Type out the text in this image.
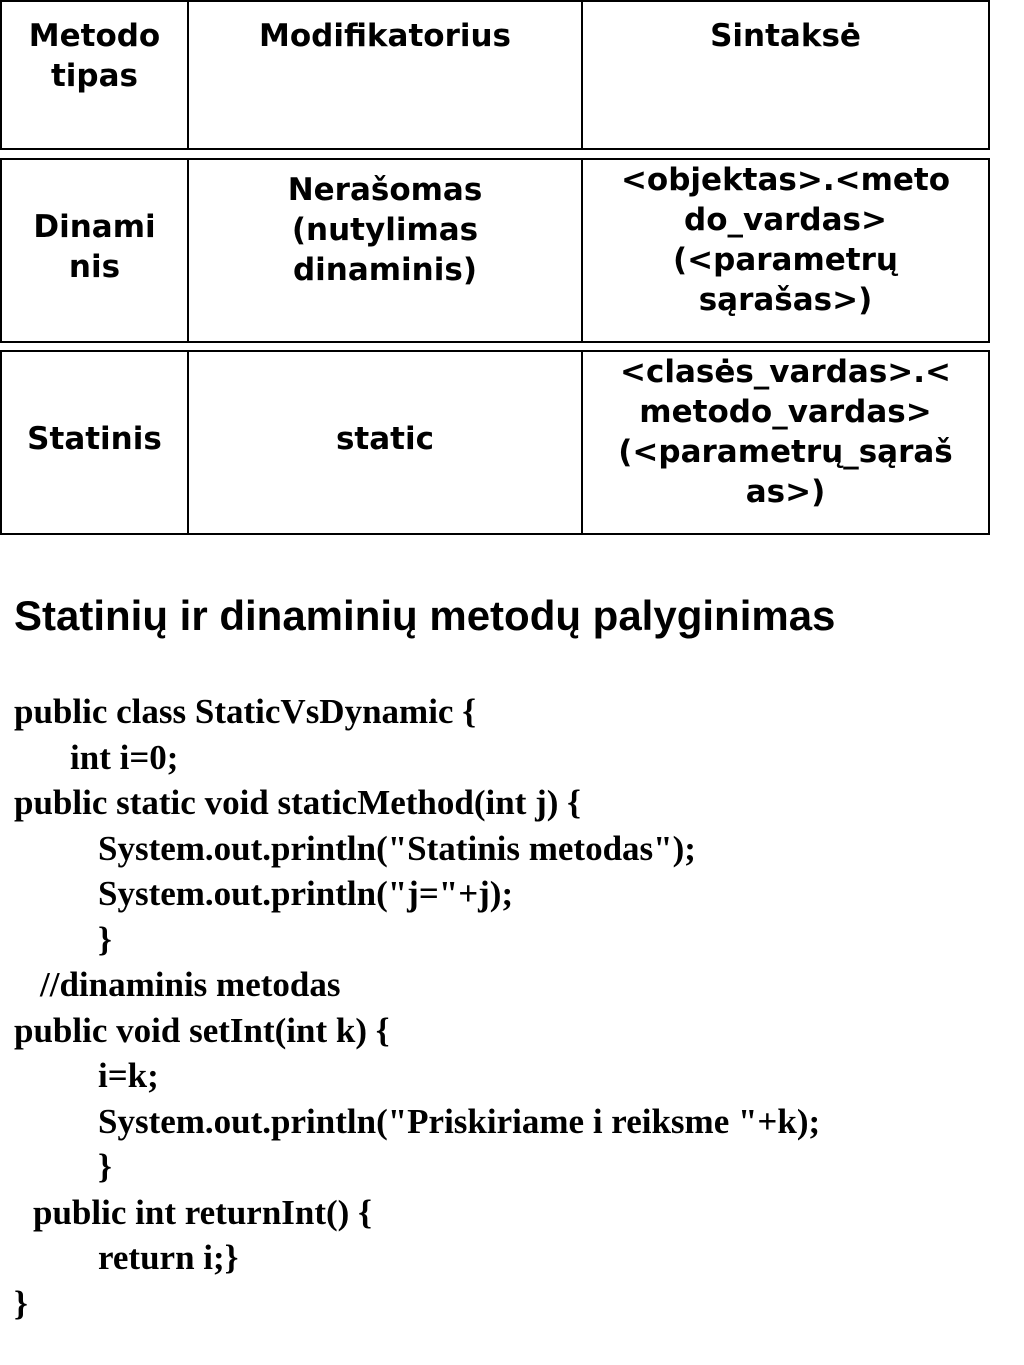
Metodo
tipas
Modifikatorius	Sintaksė
Dinami
nis
Nerašomas
(nutylimas
dinaminis)
<objektas>.<meto
do_vardas>
(<parametrų
sąrašas>)
Statinis	static
<clasės_vardas>.<
metodo_vardas>
(<parametrų_sąraš
as>)
Statinių ir dinaminių metodų palyginimas
public class StaticVsDynamic {
int i=0;
public static void staticMethod(int j) {
System.out.println("Statinis metodas");
System.out.println("j="+j);
}
//dinaminis metodas
public void setInt(int k) {
i=k;
System.out.println("Priskiriame i reiksme "+k);
}
public int returnInt() {
return i;}
}
